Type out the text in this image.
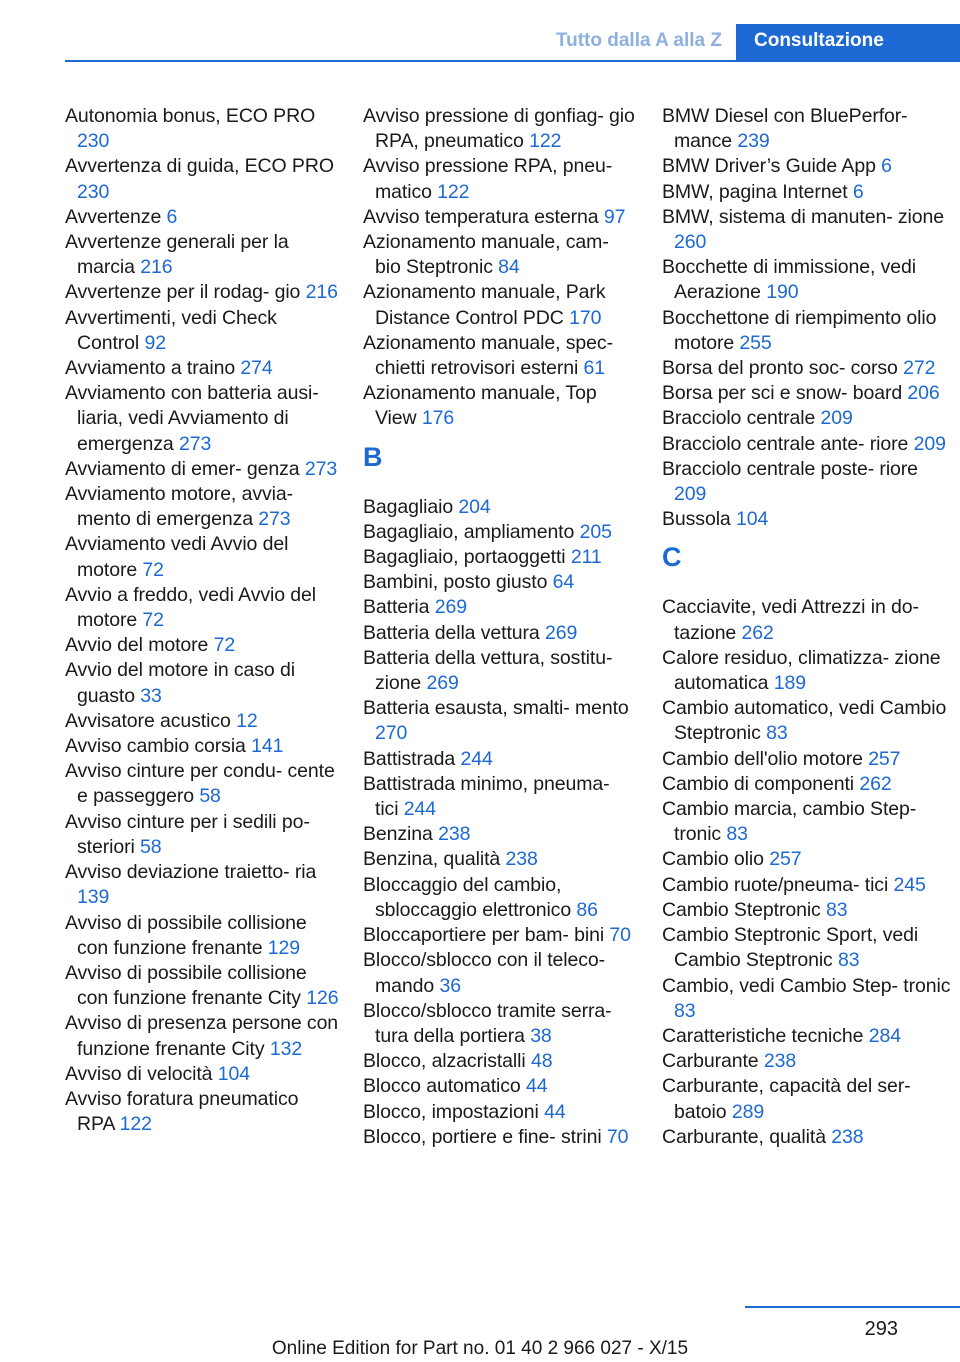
Tutto dalla A alla Z	Consultazione
Autonomia bonus, ECO PRO 230
Avvertenza di guida, ECO PRO 230
Avvertenze 6
Avvertenze generali per la marcia 216
Avvertenze per il rodag‐ gio 216
Avvertimenti, vedi Check Control 92
Avviamento a traino 274
Avviamento con batteria ausi‐ liaria, vedi Avviamento di emergenza 273
Avviamento di emer‐ genza 273
Avviamento motore, avvia‐ mento di emergenza 273
Avviamento vedi Avvio del motore 72
Avvio a freddo, vedi Avvio del motore 72
Avvio del motore 72
Avvio del motore in caso di guasto 33
Avvisatore acustico 12
Avviso cambio corsia 141
Avviso cinture per condu‐ cente e passeggero 58
Avviso cinture per i sedili po‐ steriori 58
Avviso deviazione traietto‐ ria 139
Avviso di possibile collisione con funzione frenante 129
Avviso di possibile collisione con funzione frenante City 126
Avviso di presenza persone con funzione frenante City 132
Avviso di velocità 104
Avviso foratura pneumatico RPA 122
Avviso pressione di gonfiag‐ gio RPA, pneumatico 122
Avviso pressione RPA, pneu‐ matico 122
Avviso temperatura esterna 97
Azionamento manuale, cam‐ bio Steptronic 84
Azionamento manuale, Park Distance Control PDC 170
Azionamento manuale, spec‐ chietti retrovisori esterni 61
Azionamento manuale, Top View 176
B
Bagagliaio 204
Bagagliaio, ampliamento 205
Bagagliaio, portaoggetti 211
Bambini, posto giusto 64
Batteria 269
Batteria della vettura 269
Batteria della vettura, sostitu‐ zione 269
Batteria esausta, smalti‐ mento 270
Battistrada 244
Battistrada minimo, pneuma‐ tici 244
Benzina 238
Benzina, qualità 238
Bloccaggio del cambio, sbloccaggio elettronico 86
Bloccaportiere per bam‐ bini 70
Blocco/sblocco con il teleco‐ mando 36
Blocco/sblocco tramite serra‐ tura della portiera 38
Blocco, alzacristalli 48
Blocco automatico 44
Blocco, impostazioni 44
Blocco, portiere e fine‐ strini 70
BMW Diesel con BluePerfor‐ mance 239
BMW Driver’s Guide App 6
BMW, pagina Internet 6
BMW, sistema di manuten‐ zione 260
Bocchette di immissione, vedi Aerazione 190
Bocchettone di riempimento olio motore 255
Borsa del pronto soc‐ corso 272
Borsa per sci e snow‐ board 206
Bracciolo centrale 209
Bracciolo centrale ante‐ riore 209
Bracciolo centrale poste‐ riore 209
Bussola 104
C
Cacciavite, vedi Attrezzi in do‐ tazione 262
Calore residuo, climatizza‐ zione automatica 189
Cambio automatico, vedi Cambio Steptronic 83
Cambio dell'olio motore 257
Cambio di componenti 262
Cambio marcia, cambio Step‐ tronic 83
Cambio olio 257
Cambio ruote/pneuma‐ tici 245
Cambio Steptronic 83
Cambio Steptronic Sport, vedi Cambio Steptronic 83
Cambio, vedi Cambio Step‐ tronic 83
Caratteristiche tecniche 284
Carburante 238
Carburante, capacità del ser‐ batoio 289
Carburante, qualità 238
293
Online Edition for Part no. 01 40 2 966 027 - X/15
